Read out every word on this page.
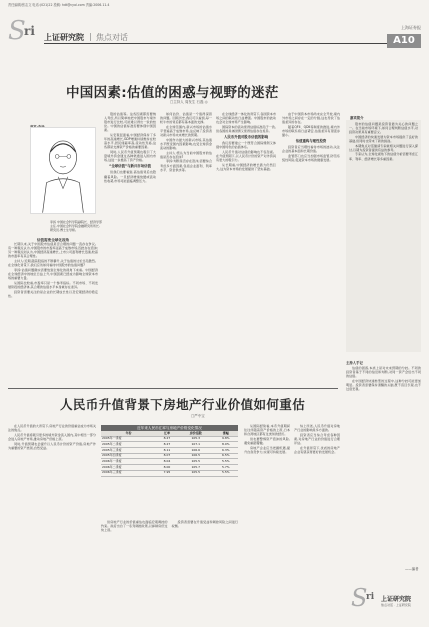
责任编辑/张志文 电话:(021)22 投稿: hdt@cyol.com 责编:2006.11.4
S
ri 上证研究院 | 焦点对话
上海证券报
A10
中国因素:估值的困惑与视野的迷茫
□主持人 周发生 石磊 ◎
李扬 中国社会科学院副院长、经济学部主任,中国社会科学院金融研究所所长,研究员,博士生导师。
估值需要全球化视角

长期以来,关于中国股市估值是否合理的问题一直存在争议。有一种观点认为,中国股市的市盈率远高于成熟市场,因此存在泡沫;另一种观点则认为,中国经济高速增长,上市公司盈利增长迅速,较高的市盈率有其合理性。

主持人:近期,随着股指的不断攀升,关于估值的讨论日趋激烈。在全球化背景下,我们应该如何看待中国股市的估值问题?

李扬:估值问题确实需要放到全球化的视角下来看。中国经济在全球经济中的地位日益上升,中国因素已经成为影响全球资本市场的重要力量。

从国际比较看,市盈率只是一个参考指标。不同市场、不同发展阶段的经济体,其合理的估值水平本身就存在差异。

投资者需要关注的是企业的长期成长性以及宏观经济的稳定性。

股的估值等。这些因素都需要纳入考虑,所以简单地把中国股市与境外股市进行比较,可能难以得出一致的结论。中国的估值标准需要体现中国因素。

从宏观层面看,中国经济保持了多年的高速增长,GDP增速持续维持在较高水平,居民储蓄率高,流动性充裕,这些都是支撑资产价格的重要因素。

同时,人民币升值预期也吸引了大量境外资金通过各种渠道进入国内市场,这进一步推高了资产价格。

“全球估值”与新兴市场估值

但我们也要看到,高估值背后也隐藏着风险。一旦经济增速放缓或流动性收紧,市场可能面临调整压力。

如何估价、估值是一个值得深思的问题。回顾历史,我们可以看到,每一轮牛市的背后都有基本面的支撑。

在全球范围内,新兴市场的估值水平普遍高于成熟市场,这反映了投资者对新兴市场未来增长的预期。

中国作为最大的新兴市场,其估值水平既受国内因素影响,也受全球资金流动的影响。

主持人:您认为当前中国股市的估值是否存在泡沫?

李扬:判断是否存在泡沫,需要综合考虑多方面因素,包括企业盈利、利率水平、资金供求等。

在全球经济一体化的背景下,各国资本市场之间的联动性日益增强。中国股市的波动也会对全球市场产生影响。

国际资本的流动使得估值标准趋于一致,但各国的具体国情又使得估值存在差异。

人民币升值对股市估值的影响

我们需要建立一个既符合国际惯例又体现中国特色的估值体系。

人民币升值对估值的影响也不容忽视。在升值预期下,以人民币计价的资产对外资具有更大的吸引力。

从长期看,中国经济的增长潜力仍然巨大,这为资本市场的发展提供了坚实基础。

由于中国资本市场尚未完全开放,境内外市场之间存在一定的分割,这也导致了估值差异的存在。

随着QFII、QDII等制度的推进,境内外市场的联系将日益紧密,估值差异有望逐步缩小。

估值重构与理性投资

投资者应当理性看待市场的波动,关注企业的基本面和长期价值。

监管部门也应当加强市场监管,防范系统性风险,促进资本市场的健康发展。

嘉宾简介

股市的估值问题是投资者最为关心的问题之一。在当前市场环境下,如何合理判断估值水平,对投资决策具有重要意义。

中国经济的快速发展为资本市场提供了良好的基础,但同时也带来了新的挑战。

本期焦点对话邀请专家就相关问题进行深入探讨,以期为投资者提供有益的参考。

专家认为,全球化视角下的估值分析需要考虑汇率、利率、经济增长等多重因素。

主持人手记

估值的困惑,本质上是对未来预期的分歧。不同的投资者基于不同的信息和判断,对同一资产会给出不同的估值。

在中国经济快速转型的过程中,这种分歧可能更加明显。投资者需要保持清醒的头脑,既不盲目乐观,也不过度悲观。

——编者
人民币升值背景下房地产行业价值如何重估
□严中宝

在人民币升值的大背景下,房地产行业的价值重估成为市场关注的焦点。

人民币升值将吸引更多的境外资金流入国内,其中相当一部分会进入房地产市场,推动房地产价格上涨。

同时,升值预期也会提升以人民币计价的资产价值,房地产作为重要的资产类别,自然受益。

近年来人民币汇率与房地产价格变化情况
年份	汇率	房价指数	涨幅
2005年一季度	8.27	105.3	9.8%
2005年二季度	8.27	107.1	8.0%
2005年三季度	8.11	106.6	6.3%
2005年四季度	8.07	106.5	6.5%
2006年一季度	8.04	105.5	5.5%
2006年二季度	8.00	105.7	5.7%
2006年三季度	7.95	105.5	5.5%

但房地产行业的价值重估也面临宏观调控的约束。政府出台了一系列调控政策,以抑制房价过快上涨。

投资者需要在升值受益和调控风险之间进行权衡。

从国际经验看,本币升值期间往往伴随着资产价格的上涨,日本和台湾地区都有过类似的经历。

但也要警惕资产泡沫的风险,避免重蹈覆辙。

房地产企业应当把握机遇,提升自身竞争力,实现可持续发展。

综上所述,人民币升值对房地产行业的影响是多方面的。

投资者应当综合考虑各种因素,对房地产行业的价值进行合理评估。

在升值背景下,优质的房地产企业有望获得更好的发展机会。

S
ri 上证研究院
焦点对话 · 上证研究院
